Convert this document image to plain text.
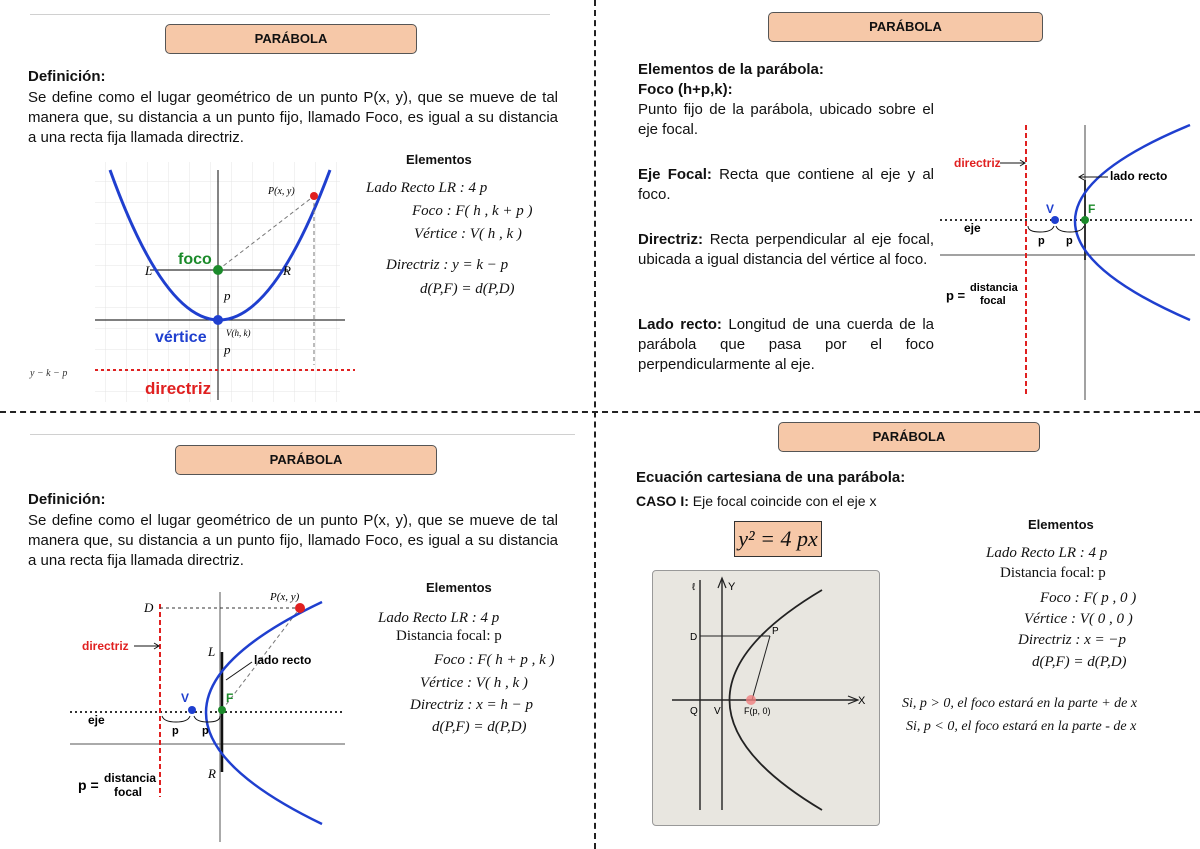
PARÁBOLA
Definición:
Se define como el lugar geométrico de un punto P(x, y), que se mueve de tal manera que, su distancia a un punto fijo, llamado Foco, es igual a su distancia a una recta fija llamada directriz.
P(x, y)
L	R
foco
vértice V(h, k)
p
p
directriz
y − k − p
Elementos
Lado Recto LR : 4 p
Foco : F( h , k + p )
Vértice : V( h , k )
Directriz : y = k − p
d(P,F) = d(P,D)
PARÁBOLA
Elementos de la parábola:
Foco (h+p,k):
Punto fijo de la parábola, ubicado sobre el eje focal.
Eje Focal: Recta que contiene al eje y al foco.
Directriz: Recta perpendicular al eje focal, ubicada a igual distancia del vértice al foco.
Lado recto: Longitud de una cuerda de la parábola que pasa por el foco perpendicularmente al eje.
directriz
lado recto
V	F
eje
p p
p = distancia
focal
PARÁBOLA
Definición:
Se define como el lugar geométrico de un punto P(x, y), que se mueve de tal manera que, su distancia a un punto fijo, llamado Foco, es igual a su distancia a una recta fija llamada directriz.
P(x, y)
D
L
R
directriz
lado recto
V	F
eje
p p
p = distancia
focal
Elementos
Lado Recto LR : 4 p
Distancia focal: p
Foco : F( h + p , k )
Vértice : V( h , k )
Directriz : x = h − p
d(P,F) = d(P,D)
PARÁBOLA
Ecuación cartesiana de una parábola:
CASO I: Eje focal coincide con el eje x
y² = 4 px
Y
ℓ
X
D
P
Q V	F(p, 0)
Elementos
Lado Recto LR : 4 p
Distancia focal: p
Foco : F( p , 0 )
Vértice : V( 0 , 0 )
Directriz : x = −p
d(P,F) = d(P,D)
Si, p > 0, el foco estará en la parte + de x
Si, p < 0, el foco estará en la parte - de x
